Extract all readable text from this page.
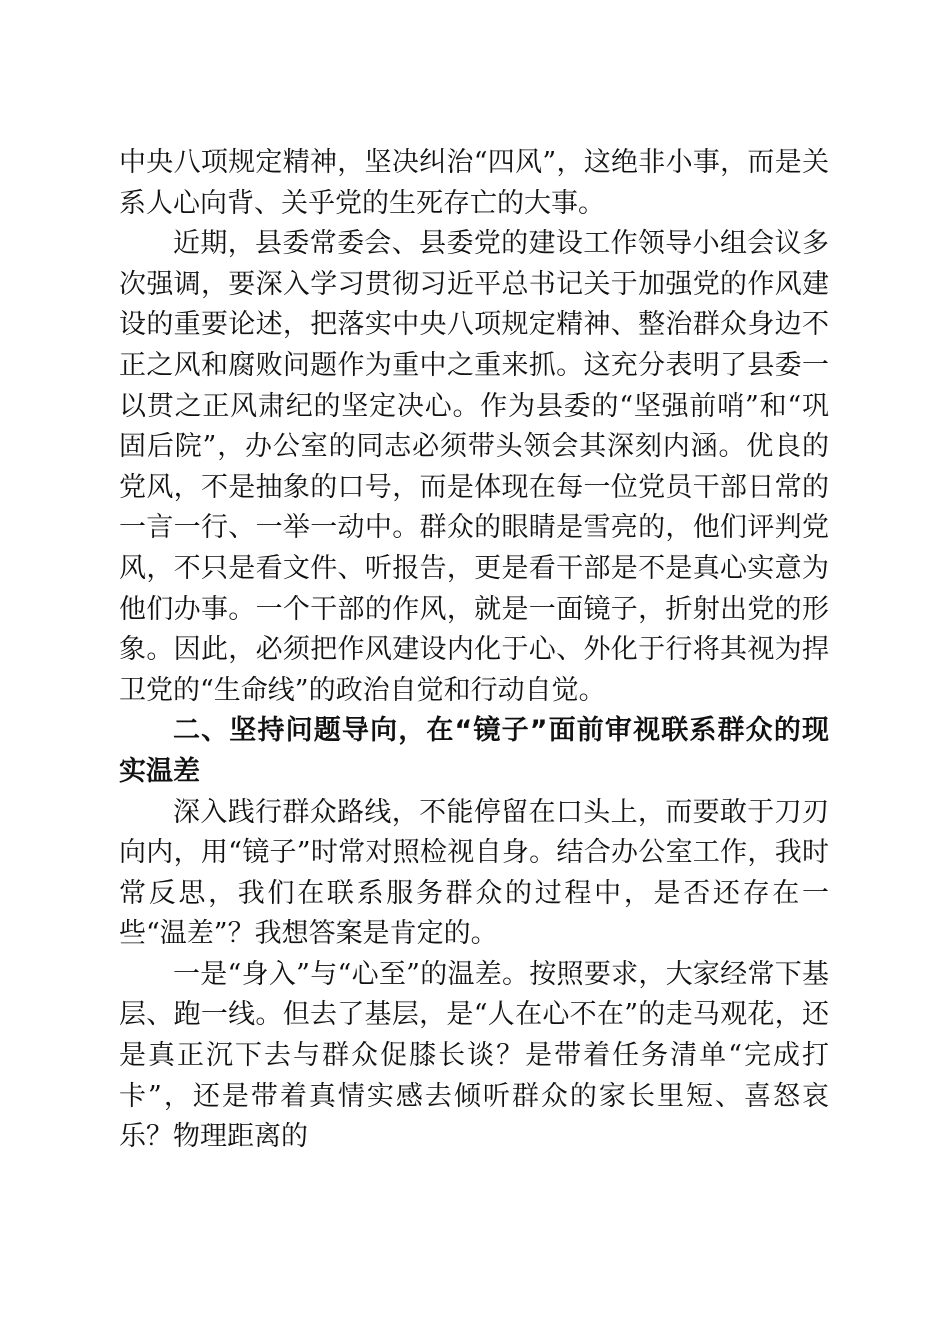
中央八项规定精神，坚决纠治“四风”，这绝非小事，而是关系人心向背、关乎党的生死存亡的大事。

近期，县委常委会、县委党的建设工作领导小组会议多次强调，要深入学习贯彻习近平总书记关于加强党的作风建设的重要论述，把落实中央八项规定精神、整治群众身边不正之风和腐败问题作为重中之重来抓。这充分表明了县委一以贯之正风肃纪的坚定决心。作为县委的“坚强前哨”和“巩固后院”，办公室的同志必须带头领会其深刻内涵。优良的党风，不是抽象的口号，而是体现在每一位党员干部日常的一言一行、一举一动中。群众的眼睛是雪亮的，他们评判党风，不只是看文件、听报告，更是看干部是不是真心实意为他们办事。一个干部的作风，就是一面镜子，折射出党的形象。因此，必须把作风建设内化于心、外化于行将其视为捍卫党的“生命线”的政治自觉和行动自觉。

二、坚持问题导向，在“镜子”面前审视联系群众的现实温差

深入践行群众路线，不能停留在口头上，而要敢于刀刃向内，用“镜子”时常对照检视自身。结合办公室工作，我时常反思，我们在联系服务群众的过程中，是否还存在一些“温差”？我想答案是肯定的。

一是“身入”与“心至”的温差。按照要求，大家经常下基层、跑一线。但去了基层，是“人在心不在”的走马观花，还是真正沉下去与群众促膝长谈？是带着任务清单“完成打卡”，还是带着真情实感去倾听群众的家长里短、喜怒哀乐？物理距离的
